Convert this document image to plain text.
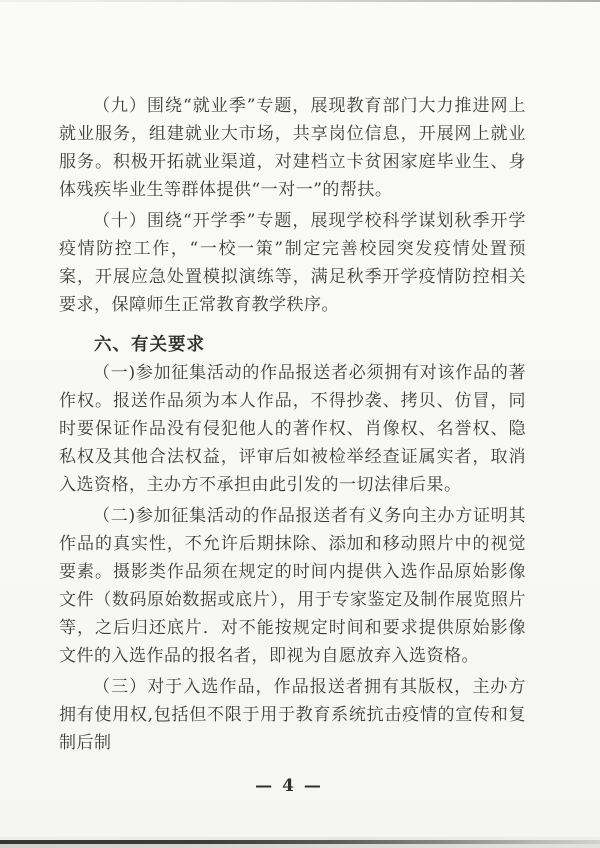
（九）围绕“就业季”专题，展现教育部门大力推进网上就业服务，组建就业大市场，共享岗位信息，开展网上就业服务。积极开拓就业渠道，对建档立卡贫困家庭毕业生、身体残疾毕业生等群体提供“一对一”的帮扶。

（十）围绕“开学季”专题，展现学校科学谋划秋季开学疫情防控工作，“一校一策”制定完善校园突发疫情处置预案，开展应急处置模拟演练等，满足秋季开学疫情防控相关要求，保障师生正常教育教学秩序。

六、有关要求

（一)参加征集活动的作品报送者必须拥有对该作品的著作权。报送作品须为本人作品，不得抄袭、拷贝、仿冒，同时要保证作品没有侵犯他人的著作权、肖像权、名誉权、隐私权及其他合法权益，评审后如被检举经查证属实者，取消入选资格，主办方不承担由此引发的一切法律后果。

（二)参加征集活动的作品报送者有义务向主办方证明其作品的真实性，不允许后期抹除、添加和移动照片中的视觉要素。摄影类作品须在规定的时间内提供入选作品原始影像文件（数码原始数据或底片），用于专家鉴定及制作展览照片等，之后归还底片．对不能按规定时间和要求提供原始影像文件的入选作品的报名者，即视为自愿放弃入选资格。

（三）对于入选作品，作品报送者拥有其版权，主办方拥有使用权,包括但不限于用于教育系统抗击疫情的宣传和复制后制

— 4 —
